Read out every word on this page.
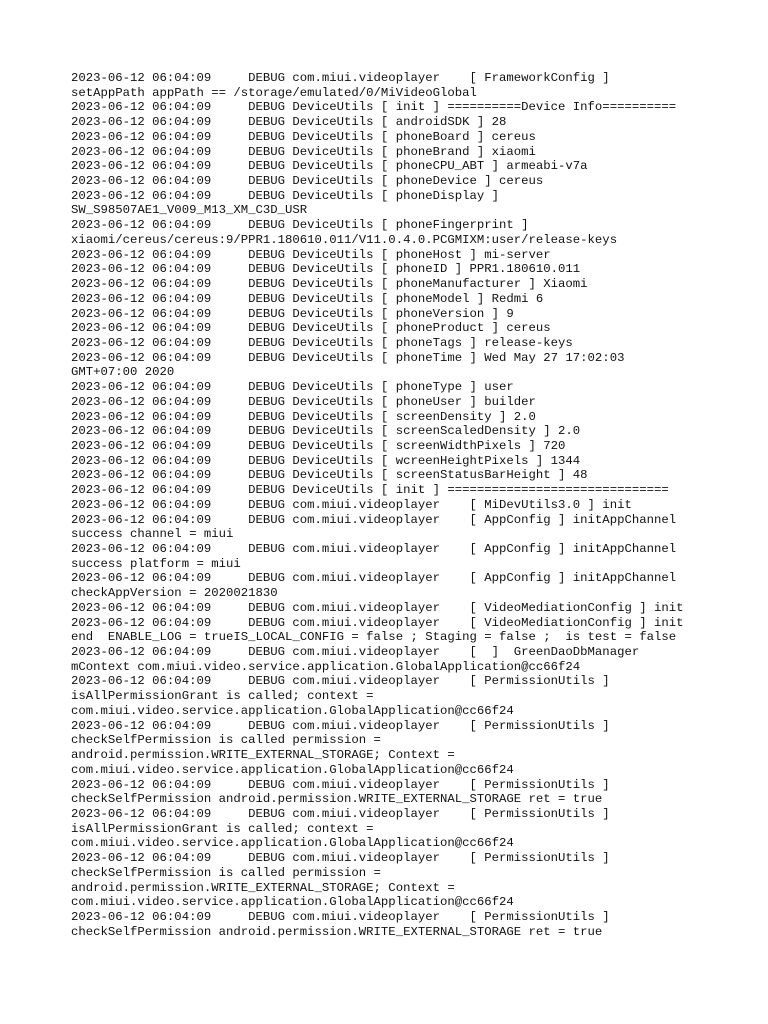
2023-06-12 06:04:09     DEBUG com.miui.videoplayer    [ FrameworkConfig ]
setAppPath appPath == /storage/emulated/0/MiVideoGlobal
2023-06-12 06:04:09     DEBUG DeviceUtils [ init ] ==========Device Info==========
2023-06-12 06:04:09     DEBUG DeviceUtils [ androidSDK ] 28
2023-06-12 06:04:09     DEBUG DeviceUtils [ phoneBoard ] cereus
2023-06-12 06:04:09     DEBUG DeviceUtils [ phoneBrand ] xiaomi
2023-06-12 06:04:09     DEBUG DeviceUtils [ phoneCPU_ABT ] armeabi-v7a
2023-06-12 06:04:09     DEBUG DeviceUtils [ phoneDevice ] cereus
2023-06-12 06:04:09     DEBUG DeviceUtils [ phoneDisplay ]
SW_S98507AE1_V009_M13_XM_C3D_USR
2023-06-12 06:04:09     DEBUG DeviceUtils [ phoneFingerprint ]
xiaomi/cereus/cereus:9/PPR1.180610.011/V11.0.4.0.PCGMIXM:user/release-keys
2023-06-12 06:04:09     DEBUG DeviceUtils [ phoneHost ] mi-server
2023-06-12 06:04:09     DEBUG DeviceUtils [ phoneID ] PPR1.180610.011
2023-06-12 06:04:09     DEBUG DeviceUtils [ phoneManufacturer ] Xiaomi
2023-06-12 06:04:09     DEBUG DeviceUtils [ phoneModel ] Redmi 6
2023-06-12 06:04:09     DEBUG DeviceUtils [ phoneVersion ] 9
2023-06-12 06:04:09     DEBUG DeviceUtils [ phoneProduct ] cereus
2023-06-12 06:04:09     DEBUG DeviceUtils [ phoneTags ] release-keys
2023-06-12 06:04:09     DEBUG DeviceUtils [ phoneTime ] Wed May 27 17:02:03
GMT+07:00 2020
2023-06-12 06:04:09     DEBUG DeviceUtils [ phoneType ] user
2023-06-12 06:04:09     DEBUG DeviceUtils [ phoneUser ] builder
2023-06-12 06:04:09     DEBUG DeviceUtils [ screenDensity ] 2.0
2023-06-12 06:04:09     DEBUG DeviceUtils [ screenScaledDensity ] 2.0
2023-06-12 06:04:09     DEBUG DeviceUtils [ screenWidthPixels ] 720
2023-06-12 06:04:09     DEBUG DeviceUtils [ wcreenHeightPixels ] 1344
2023-06-12 06:04:09     DEBUG DeviceUtils [ screenStatusBarHeight ] 48
2023-06-12 06:04:09     DEBUG DeviceUtils [ init ] ==============================
2023-06-12 06:04:09     DEBUG com.miui.videoplayer    [ MiDevUtils3.0 ] init
2023-06-12 06:04:09     DEBUG com.miui.videoplayer    [ AppConfig ] initAppChannel
success channel = miui
2023-06-12 06:04:09     DEBUG com.miui.videoplayer    [ AppConfig ] initAppChannel
success platform = miui
2023-06-12 06:04:09     DEBUG com.miui.videoplayer    [ AppConfig ] initAppChannel
checkAppVersion = 2020021830
2023-06-12 06:04:09     DEBUG com.miui.videoplayer    [ VideoMediationConfig ] init
2023-06-12 06:04:09     DEBUG com.miui.videoplayer    [ VideoMediationConfig ] init
end  ENABLE_LOG = trueIS_LOCAL_CONFIG = false ; Staging = false ;  is test = false
2023-06-12 06:04:09     DEBUG com.miui.videoplayer    [  ]  GreenDaoDbManager
mContext com.miui.video.service.application.GlobalApplication@cc66f24
2023-06-12 06:04:09     DEBUG com.miui.videoplayer    [ PermissionUtils ]
isAllPermissionGrant is called; context =
com.miui.video.service.application.GlobalApplication@cc66f24
2023-06-12 06:04:09     DEBUG com.miui.videoplayer    [ PermissionUtils ]
checkSelfPermission is called permission =
android.permission.WRITE_EXTERNAL_STORAGE; Context =
com.miui.video.service.application.GlobalApplication@cc66f24
2023-06-12 06:04:09     DEBUG com.miui.videoplayer    [ PermissionUtils ]
checkSelfPermission android.permission.WRITE_EXTERNAL_STORAGE ret = true
2023-06-12 06:04:09     DEBUG com.miui.videoplayer    [ PermissionUtils ]
isAllPermissionGrant is called; context =
com.miui.video.service.application.GlobalApplication@cc66f24
2023-06-12 06:04:09     DEBUG com.miui.videoplayer    [ PermissionUtils ]
checkSelfPermission is called permission =
android.permission.WRITE_EXTERNAL_STORAGE; Context =
com.miui.video.service.application.GlobalApplication@cc66f24
2023-06-12 06:04:09     DEBUG com.miui.videoplayer    [ PermissionUtils ]
checkSelfPermission android.permission.WRITE_EXTERNAL_STORAGE ret = true
